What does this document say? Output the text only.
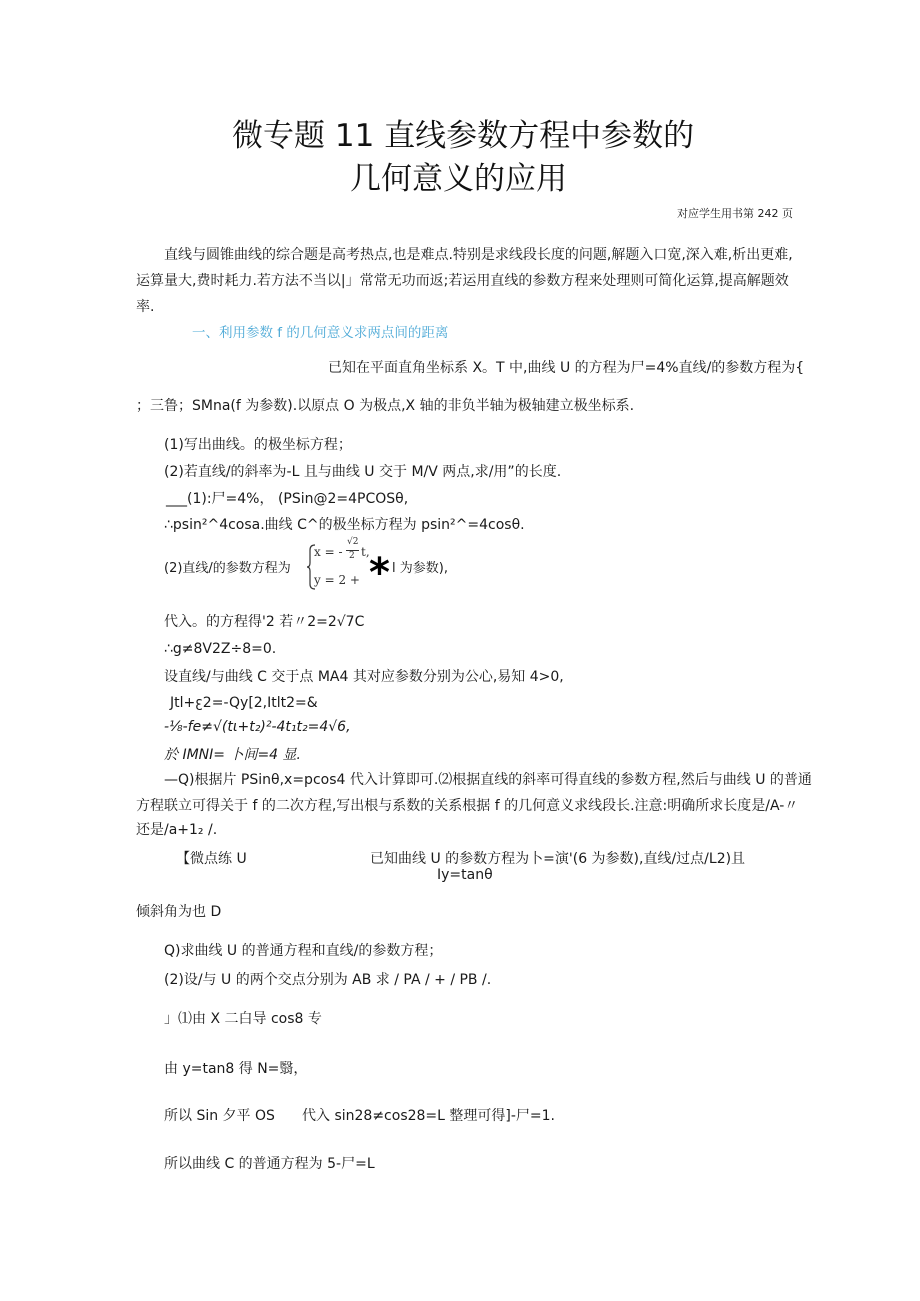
微专题 11 直线参数方程中参数的
几何意义的应用
对应学生用书第 242 页
直线与圆锥曲线的综合题是高考热点,也是难点.特别是求线段长度的问题,解题入口宽,深入难,析出更难,
运算量大,费时耗力.若方法不当以|」常常无功而返;若运用直线的参数方程来处理则可简化运算,提高解题效
率.
一、利用参数 f 的几何意义求两点间的距离
已知在平面直角坐标系 X。T 中,曲线 U 的方程为尸=4%直线/的参数方程为{
；三鲁；SMna(f 为参数).以原点 O 为极点,X 轴的非负半轴为极轴建立极坐标系.
(1)写出曲线。的极坐标方程；
(2)若直线/的斜率为-L 且与曲线 U 交于 M/V 两点,求/用”的长度.
___(1):尸=4%， (PSin@2=4PCOSθ,
∴psin²^4cosa.曲线 C^的极坐标方程为 psin²^=4cosθ.
(2)直线/的参数方程为
x = -
√2
2 t,
y = 2 + * l 为参数),
代入。的方程得'2 若〃2=2√7C
∴g≠8V2Z÷8=0.
设直线/与曲线 C 交于点 MA4 其对应参数分别为公心,易知 4>0,
Jtl+ꜫ2=-Qy[2,Itlt2=&
-⅛-fe≠√(tι+t₂)²-4t₁t₂=4√6,
於 IMNI= 卜间=4 显.
—Q)根据片 PSinθ,x=pcos4 代入计算即可.⑵根据直线的斜率可得直线的参数方程,然后与曲线 U 的普通
方程联立可得关于 f 的二次方程,写出根与系数的关系根据 f 的几何意义求线段长.注意:明确所求长度是/A-〃
还是/a+1₂ /.
【微点练 U	已知曲线 U 的参数方程为卜=演'(6 为参数),直线/过点/L2)且
Iy=tanθ
倾斜角为也 D
Q)求曲线 U 的普通方程和直线/的参数方程；
(2)设/与 U 的两个交点分别为 AB 求 / PA / + / PB /.
」⑴由 X 二白导 cos8 专
由 y=tan8 得 N=翳，
所以 Sin 夕平 OS 代入 sin28≠cos28=L 整理可得]-尸=1.
所以曲线 C 的普通方程为 5-尸=L
